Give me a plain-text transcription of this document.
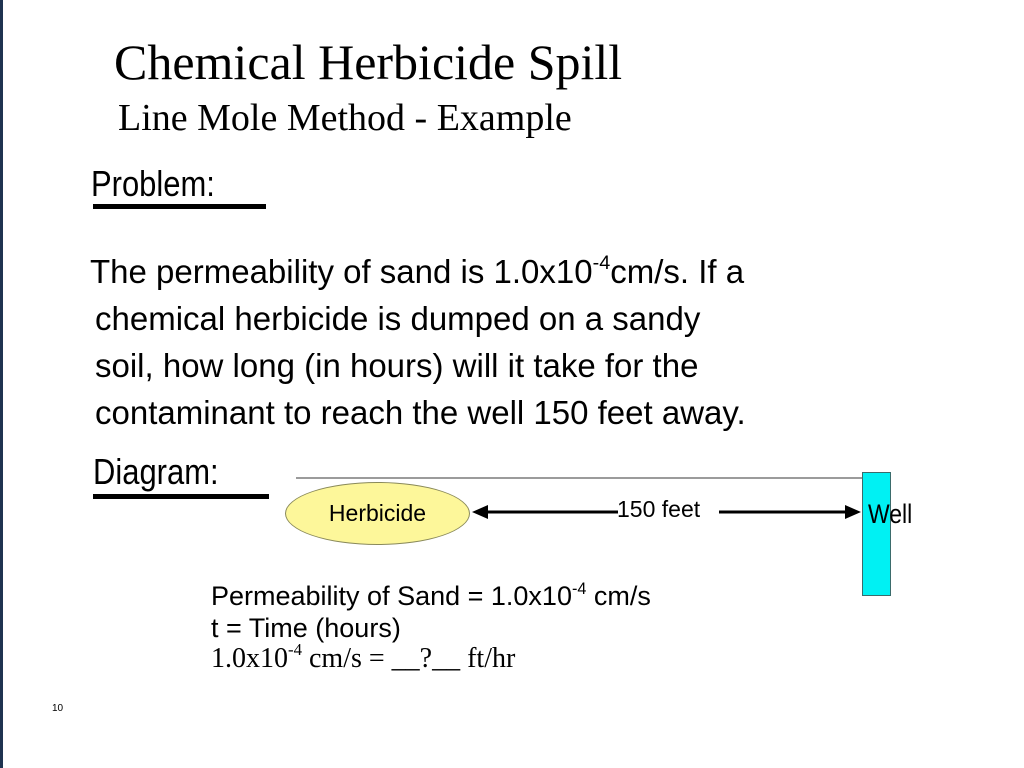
Chemical Herbicide Spill
Line Mole Method - Example
Problem:
The permeability of sand is $1.0x10^{-4}cm/s$. If a
chemical herbicide is dumped on a sandy
soil, how long (in hours) will it take for the
contaminant to reach the well 150 feet away.
Diagram:
Herbicide	150 feet	Well
Permeability of Sand = $1.0x10^{-4}$ cm/s
t = Time (hours)
$1.0x10^{-4}$ cm/s = __?__ ft/hr
10
